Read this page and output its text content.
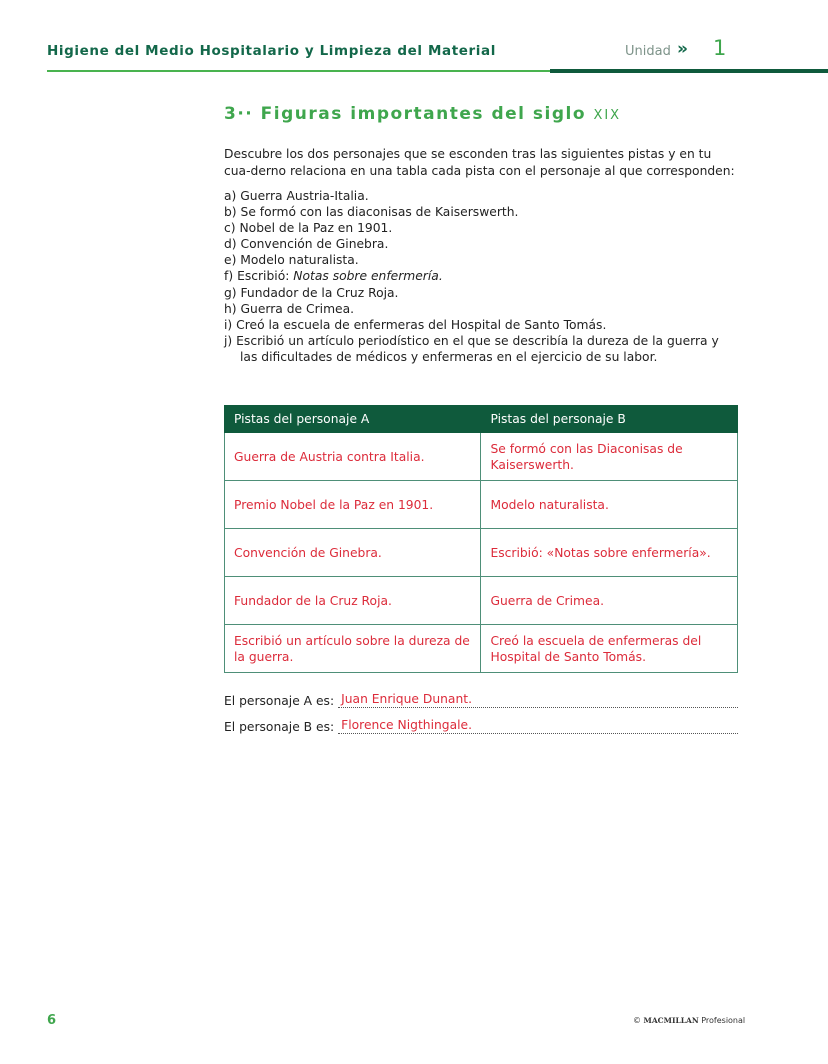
Higiene del Medio Hospitalario y Limpieza del Material	Unidad » 1
3·· Figuras importantes del siglo XIX

Descubre los dos personajes que se esconden tras las siguientes pistas y en tu cua-derno relaciona en una tabla cada pista con el personaje al que corresponden:

a) Guerra Austria-Italia.
b) Se formó con las diaconisas de Kaiserswerth.
c) Nobel de la Paz en 1901.
d) Convención de Ginebra.
e) Modelo naturalista.
f) Escribió: Notas sobre enfermería.
g) Fundador de la Cruz Roja.
h) Guerra de Crimea.
i) Creó la escuela de enfermeras del Hospital de Santo Tomás.
j) Escribió un artículo periodístico en el que se describía la dureza de la guerra y las dificultades de médicos y enfermeras en el ejercicio de su labor.
Pistas del personaje A	Pistas del personaje B
Guerra de Austria contra Italia.	Se formó con las Diaconisas de Kaiserswerth.
Premio Nobel de la Paz en 1901.	Modelo naturalista.
Convención de Ginebra.	Escribió: «Notas sobre enfermería».
Fundador de la Cruz Roja.	Guerra de Crimea.
Escribió un artículo sobre la dureza de la guerra.	Creó la escuela de enfermeras del Hospital de Santo Tomás.
El personaje A es: Juan Enrique Dunant.
El personaje B es: Florence Nigthingale.
6	© MACMILLAN Profesional
